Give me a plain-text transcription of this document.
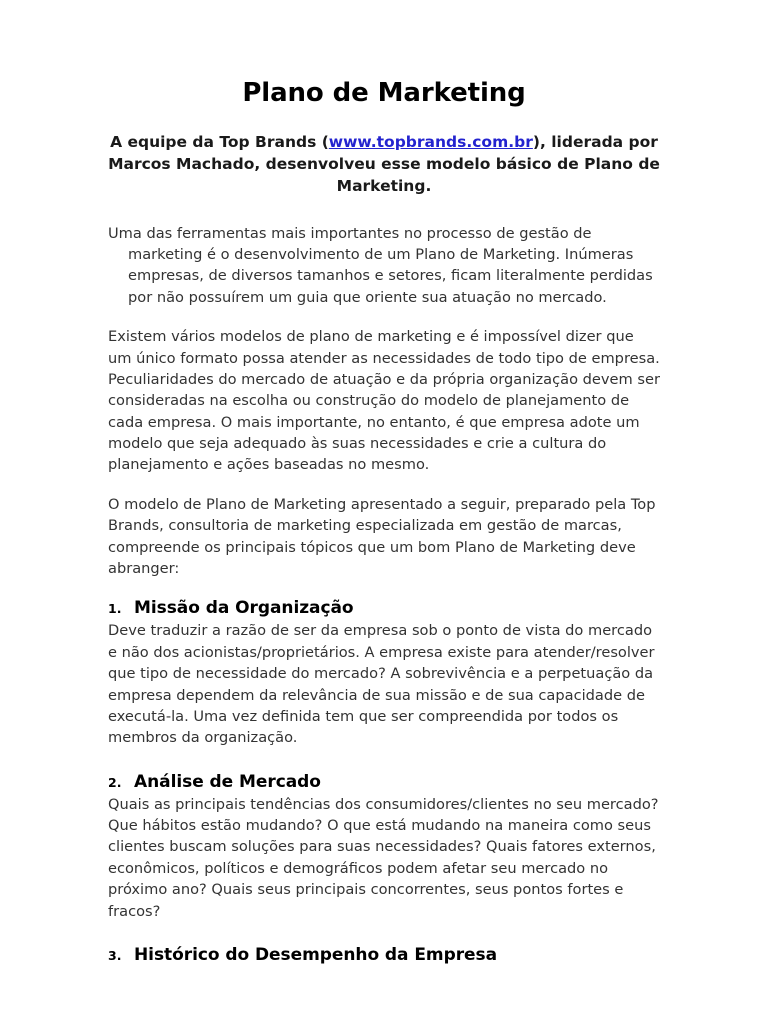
Plano de Marketing

A equipe da Top Brands (www.topbrands.com.br), liderada por Marcos Machado, desenvolveu esse modelo básico de Plano de Marketing.

Uma das ferramentas mais importantes no processo de gestão de marketing é o desenvolvimento de um Plano de Marketing. Inúmeras empresas, de diversos tamanhos e setores, ficam literalmente perdidas por não possuírem um guia que oriente sua atuação no mercado.

Existem vários modelos de plano de marketing e é impossível dizer que um único formato possa atender as necessidades de todo tipo de empresa. Peculiaridades do mercado de atuação e da própria organização devem ser consideradas na escolha ou construção do modelo de planejamento de cada empresa. O mais importante, no entanto, é que empresa adote um modelo que seja adequado às suas necessidades e crie a cultura do planejamento e ações baseadas no mesmo.

O modelo de Plano de Marketing apresentado a seguir, preparado pela Top Brands, consultoria de marketing especializada em gestão de marcas, compreende os principais tópicos que um bom Plano de Marketing deve abranger:

1. Missão da Organização

Deve traduzir a razão de ser da empresa sob o ponto de vista do mercado e não dos acionistas/proprietários. A empresa existe para atender/resolver que tipo de necessidade do mercado? A sobrevivência e a perpetuação da empresa dependem da relevância de sua missão e de sua capacidade de executá-la. Uma vez definida tem que ser compreendida por todos os membros da organização.

2. Análise de Mercado

Quais as principais tendências dos consumidores/clientes no seu mercado? Que hábitos estão mudando? O que está mudando na maneira como seus clientes buscam soluções para suas necessidades? Quais fatores externos, econômicos, políticos e demográficos podem afetar seu mercado no próximo ano? Quais seus principais concorrentes, seus pontos fortes e fracos?

3. Histórico do Desempenho da Empresa
